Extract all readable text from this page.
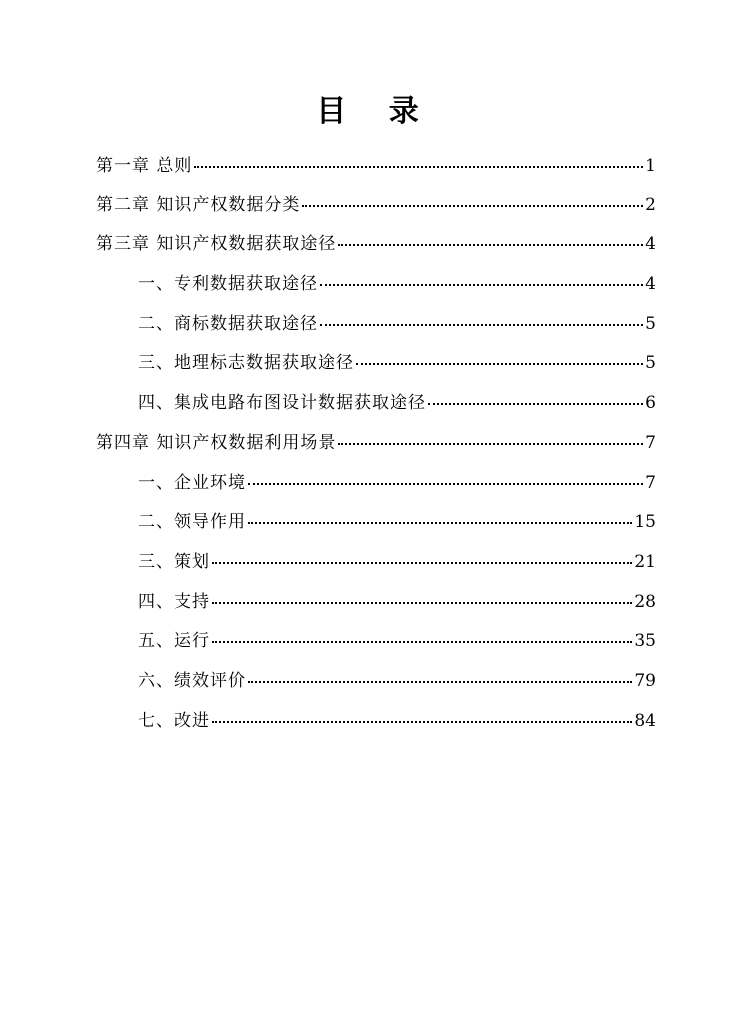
目 录
第一章 总则	1
第二章 知识产权数据分类	2
第三章 知识产权数据获取途径	4
一、专利数据获取途径	4
二、商标数据获取途径	5
三、地理标志数据获取途径	5
四、集成电路布图设计数据获取途径	6
第四章 知识产权数据利用场景	7
一、企业环境	7
二、领导作用	15
三、策划	21
四、支持	28
五、运行	35
六、绩效评价	79
七、改进	84
